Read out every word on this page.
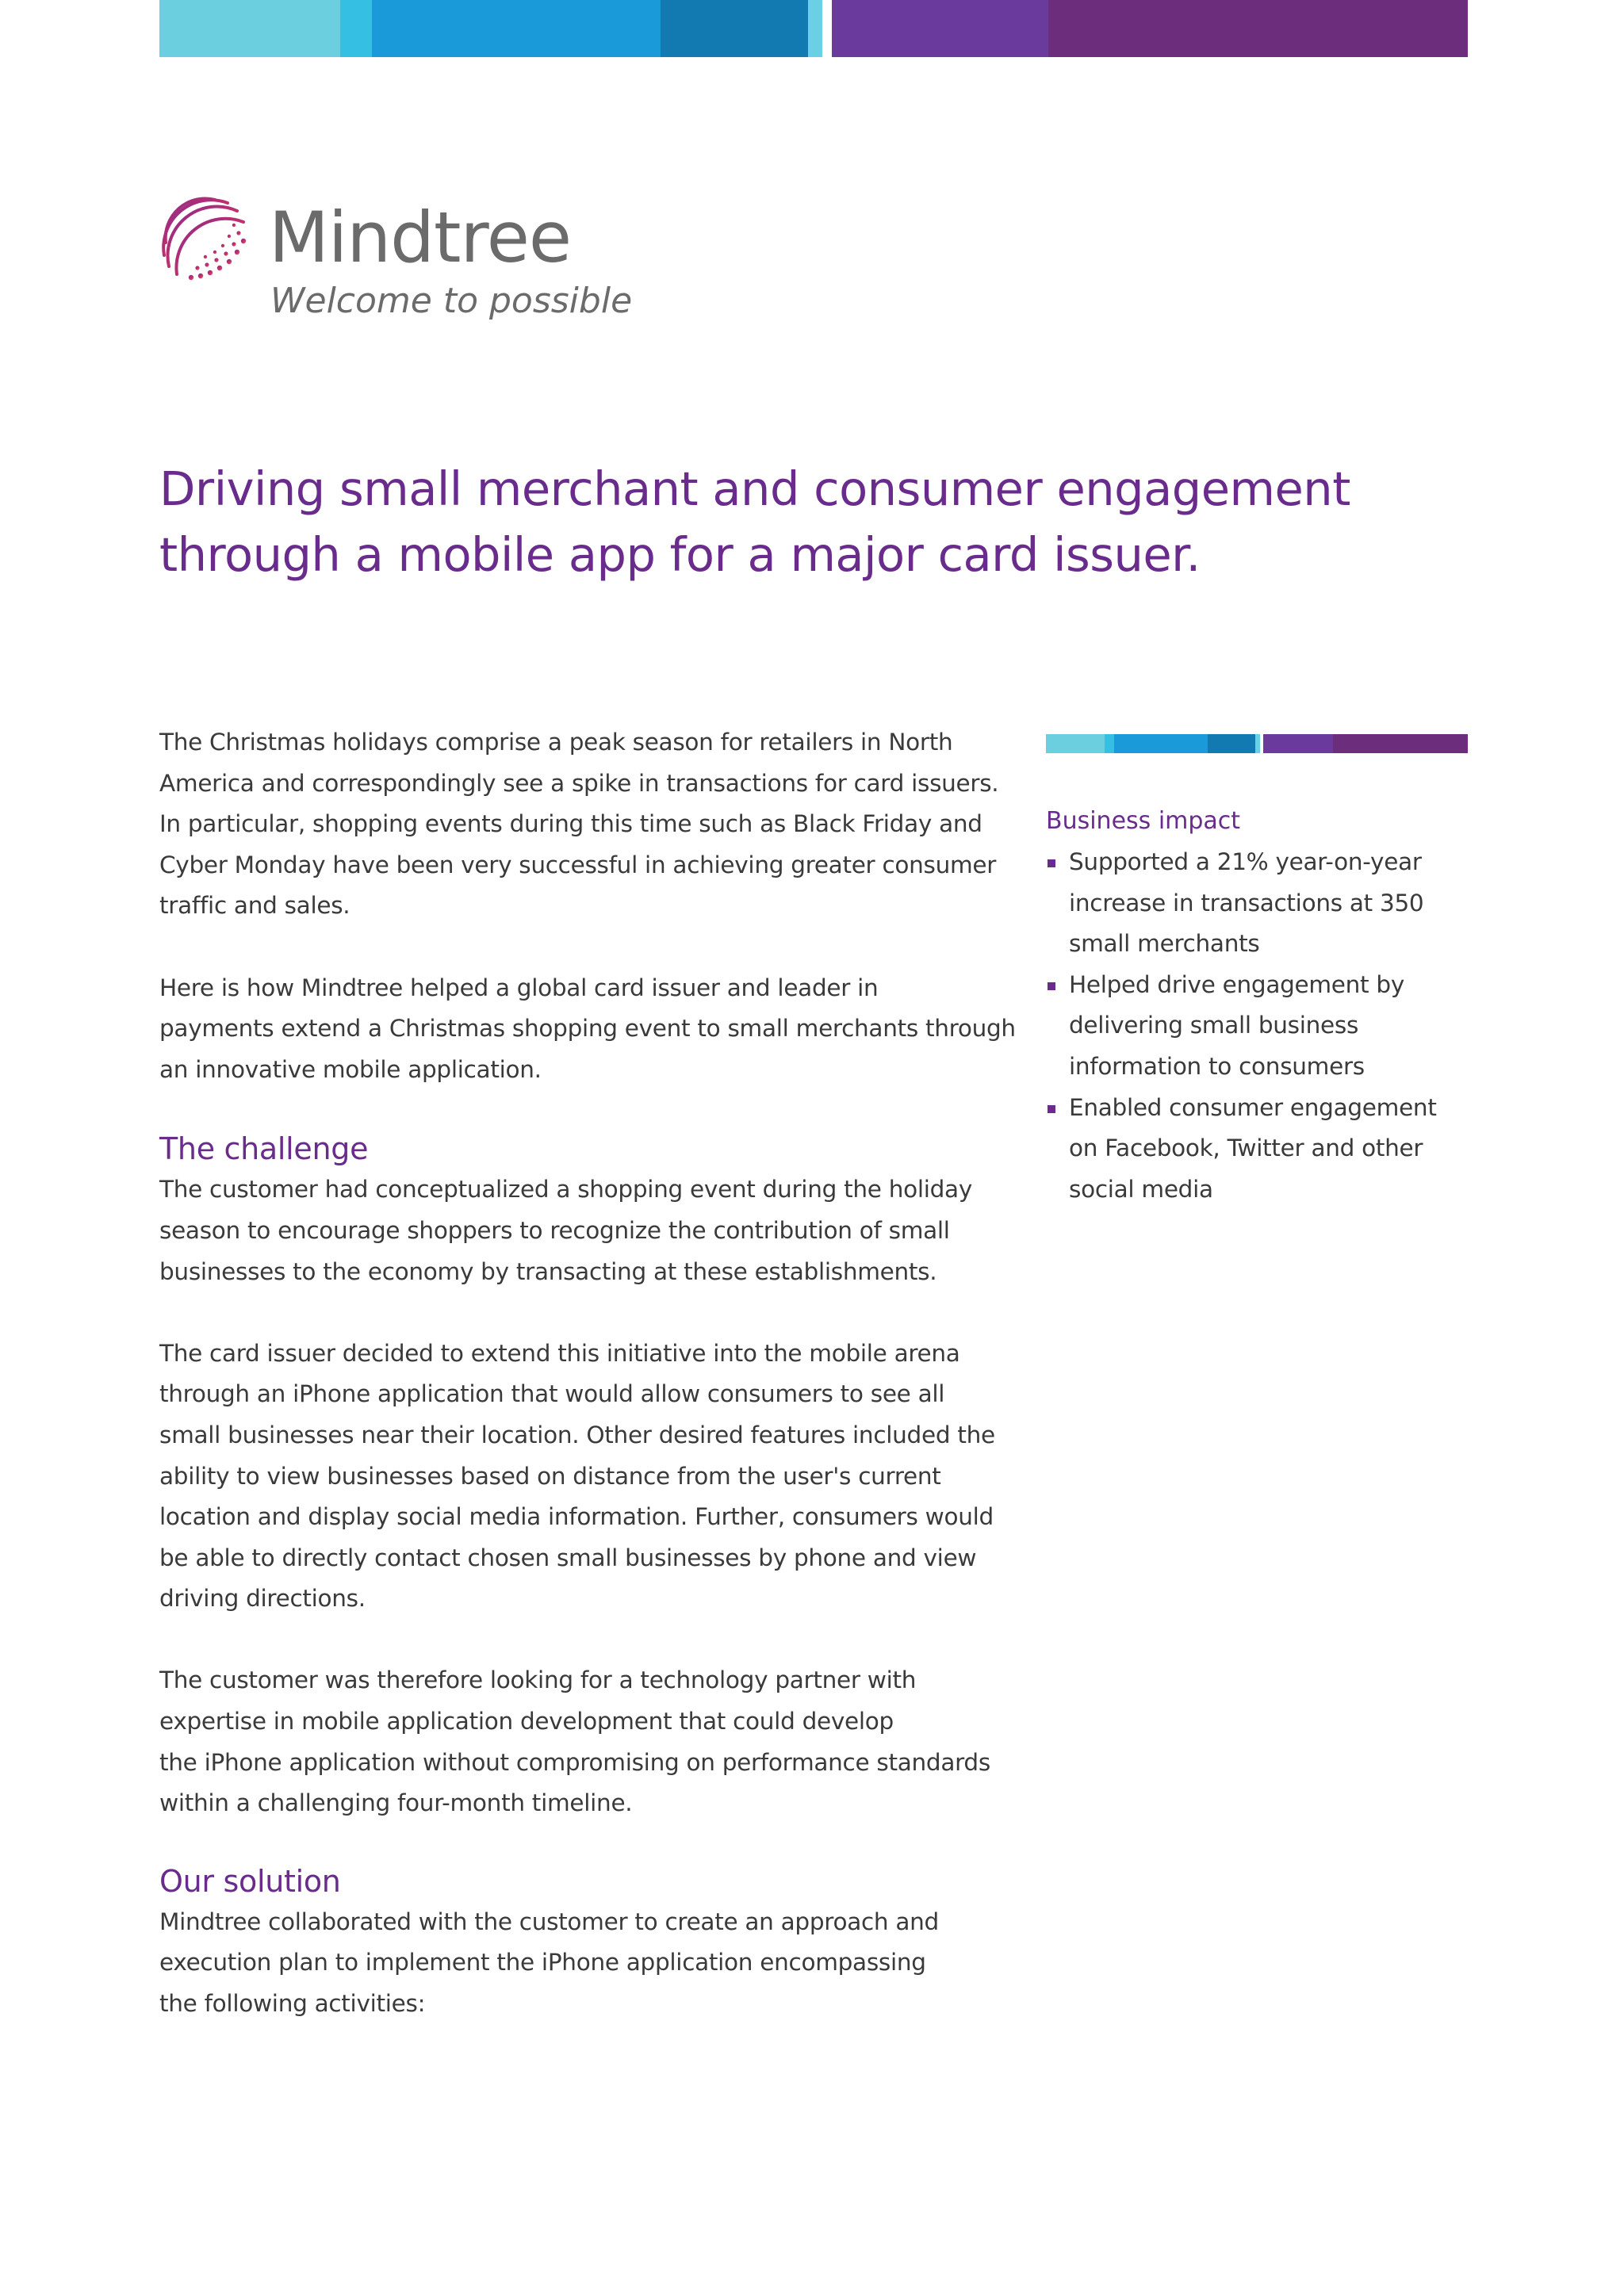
Mindtree
Welcome to possible
Driving small merchant and consumer engagement
through a mobile app for a major card issuer.

The Christmas holidays comprise a peak season for retailers in North
America and correspondingly see a spike in transactions for card issuers.
In particular, shopping events during this time such as Black Friday and
Cyber Monday have been very successful in achieving greater consumer
traffic and sales.

Here is how Mindtree helped a global card issuer and leader in
payments extend a Christmas shopping event to small merchants through
an innovative mobile application.

The challenge

The customer had conceptualized a shopping event during the holiday
season to encourage shoppers to recognize the contribution of small
businesses to the economy by transacting at these establishments.

The card issuer decided to extend this initiative into the mobile arena
through an iPhone application that would allow consumers to see all
small businesses near their location. Other desired features included the
ability to view businesses based on distance from the user's current
location and display social media information. Further, consumers would
be able to directly contact chosen small businesses by phone and view
driving directions.

The customer was therefore looking for a technology partner with
expertise in mobile application development that could develop
the iPhone application without compromising on performance standards
within a challenging four-month timeline.

Our solution

Mindtree collaborated with the customer to create an approach and
execution plan to implement the iPhone application encompassing
the following activities:

Business impact
Supported a 21% year-on-year
increase in transactions at 350
small merchants
Helped drive engagement by
delivering small business
information to consumers
Enabled consumer engagement
on Facebook, Twitter and other
social media
